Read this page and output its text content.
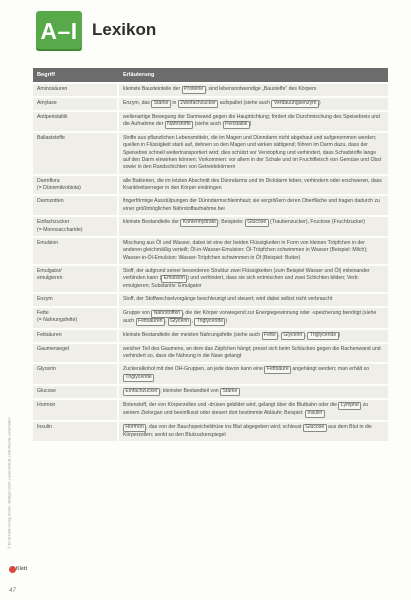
A–I Lexikon
Begriff	Erläuterung
Aminosäuren	kleinste Bausteinteile der Proteine , sind lebensnotwendige „Bausteffe“ des Körpers
Amylase	Enzym, das Stärke in Zweifachzucker aufspaltet (siehe auch Verdauungsenzym )
Antiperistaltik	wellenartige Bewegung der Darmwand gegen die Hauptrichtung; fördert die Durchmischung des Speisebreis und die Aufnahme der Nährstoffe (siehe auch Peristaltik )
Ballaststoffe	Stoffe aus pflanzlichen Lebensmitteln, die im Magen und Dünndarm nicht abgebaut und aufgenommen werden; quellen in Flüssigkeit stark auf, dehnen so den Magen und wirken sättigend; führen im Darm dazu, dass der Speisebrei schnell weitertransportiert wird; dies schützt vor Verstopfung und verhindert, dass Schadstoffe lange auf den Darm einwirken können; Vorkommen: vor allem in der Schale und im Fruchtfleisch von Gemüse und Obst sowie in den Randschichten von Getreidekörnern
Darmflora
(= Dünnmikrobiota)	alle Bakterien, die im letzten Abschnitt des Dünndarms und im Dickdarm leben; verhindern oder erschweren, dass Krankheitserreger in den Körper eindringen
Darmzotten	fingerförmige Ausstülpungen der Dünndarmschleimhaut; sie vergrößern deren Oberfläche und tragen dadurch zu einer größtmöglichen Nährstoffaufnahme bei
Einfachzucker
(= Monosaccharide)	kleinste Bestandteile der Kohlenhydrate ; Beispiele: Glucose (Traubenzucker), Fructose (Fruchtzucker)
Emulsion	Mischung aus Öl und Wasser, dabei ist eine der beiden Flüssigkeiten in Form von kleinen Tröpfchen in der anderen gleichmäßig verteilt; Öl-in-Wasser-Emulsion: Öl-Tröpfchen schwimmen in Wasser (Beispiel: Milch); Wasser-in-Öl-Emulsion: Wasser-Tröpfchen schwimmen in Öl (Beispiel: Butter)
Emulgator/
emulgieren	Stoff, der aufgrund seiner besonderen Struktur zwei Flüssigkeiten (zum Beispiel Wasser und Öl) miteinander verbinden kann ( Emulsion ) und verhindert, dass sie sich entmischen und zwei Schichten bilden; Verb: emulgieren; Substantiv: Emulgator
Enzym	Stoff, der Stoffwechselvorgänge beschleunigt und steuert; wird dabei selbst nicht verbraucht
Fette
(= Nahrungsfette)	Gruppe von Nährstoffen , die der Körper vorwiegend zur Energiegewinnung oder -speicherung benötigt (siehe auch Fettsäuren , Glycerin , Triglyceride )
Fettsäuren	kleinste Bestandteile der meisten Nahrungsfette (siehe auch Fette , Glycerin , Triglyceride )
Gaumensegel	weicher Teil des Gaumens, an dem das Zäpfchen hängt; presst sich beim Schlucken gegen die Rachenwand und verhindert so, dass die Nahrung in die Nase gelangt
Glycerin	Zuckeralkohol mit drei OH-Gruppen, an jede davon kann eine Fettsäure angehängt werden; man erhält so Triglyceride
Glucose	Einfachzucker ; kleinster Bestandteil von Stärke
Hormon	Botenstoff, der von Körperzellen und -drüsen gebildet wird, gelangt über die Blutbahn oder die Lymphe zu seinem Zielorgan und beeinflusst oder steuert dort bestimmte Abläufe; Beispiel: Insulin
Insulin	Hormon , das von der Bauchspeicheldrüse ins Blut abgegeben wird; schleust Glucose aus dem Blut in die Körperzellen; senkt so den Blutzuckerspiegel
© Ernst Klett Verlag GmbH, Stuttgart 2024 | www.klett.de | Alle Rechte vorbehalten
Klett
47
